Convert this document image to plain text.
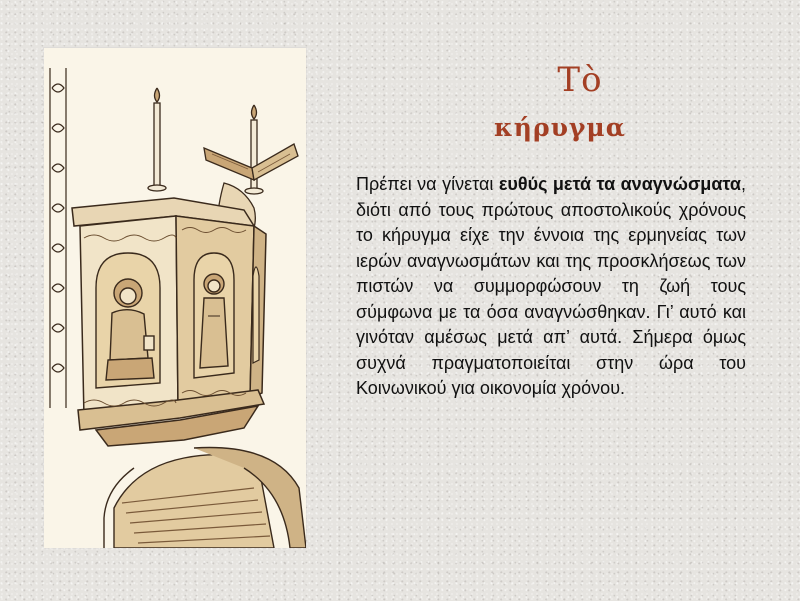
Τὸ
κήρυγμα

Πρέπει να γίνεται ευθύς μετά τα αναγνώσματα, διότι από τους πρώτους αποστολικούς χρόνους το κήρυγμα είχε την έννοια της ερμηνείας των ιερών αναγνωσμάτων και της προσκλήσεως των πιστών να συμμορφώσουν τη ζωή τους σύμφωνα με τα όσα αναγνώσθηκαν. Γι’ αυτό και γινόταν αμέσως μετά απ’ αυτά. Σήμερα όμως συχνά πραγματοποιείται στην ώρα του Κοινωνικού για οικονομία χρόνου.
